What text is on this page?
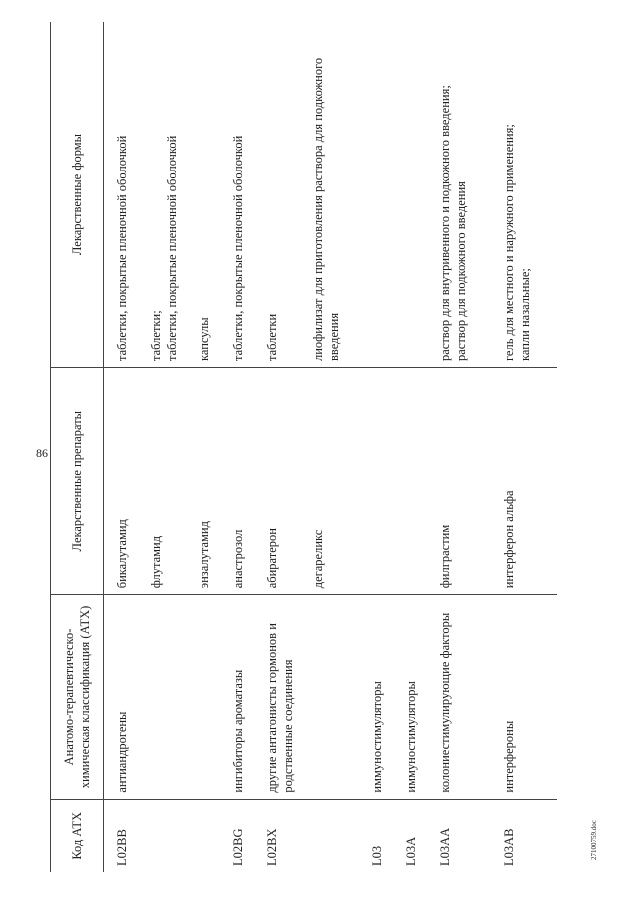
86
27100759.doc
Код АТХ	Анатомо-терапевтическо-химическая классификация (АТХ)	Лекарственные препараты	Лекарственные формы
L02BB	антиандрогены	бикалутамид	таблетки, покрытые пленочной оболочкой
		флутамид	таблетки;
таблетки, покрытые пленочной оболочкой
		энзалутамид	капсулы
L02BG	ингибиторы ароматазы	анастрозол	таблетки, покрытые пленочной оболочкой
L02BX	другие антагонисты гормонов и родственные соединения	абиратерон	таблетки
		дегареликс	лиофилизат для приготовления раствора для подкожного введения
L03	иммуностимуляторы		
L03A	иммуностимуляторы		
L03AA	колониестимулирующие факторы	филграстим	раствор для внутривенного и подкожного введения;
раствор для подкожного введения
L03AB	интерфероны	интерферон альфа	гель для местного и наружного применения;
капли назальные;
